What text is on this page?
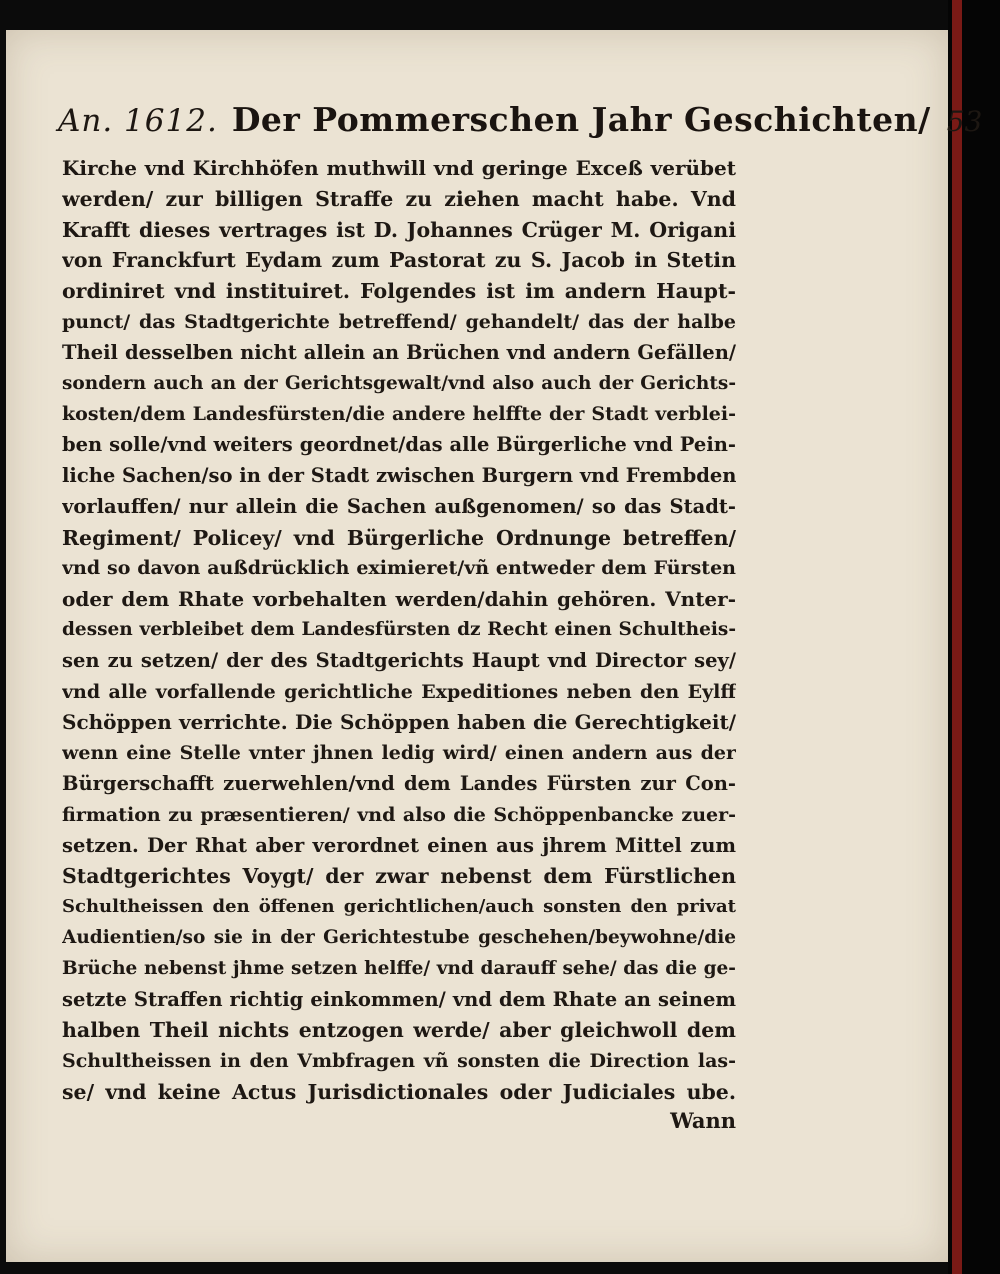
An. 1612. Der Pommerschen Jahr Geschichten/ 53
Kirche vnd Kirchhöfen muthwill vnd geringe Exceß verübet
werden/ zur billigen Straffe zu ziehen macht habe. Vnd
Krafft dieses vertrages ist D. Johannes Crüger M. Origani
von Franckfurt Eydam zum Pastorat zu S. Jacob in Stetin
ordiniret vnd instituiret. Folgendes ist im andern Haupt-
punct/ das Stadtgerichte betreffend/ gehandelt/ das der halbe
Theil desselben nicht allein an Brüchen vnd andern Gefällen/
sondern auch an der Gerichtsgewalt/vnd also auch der Gerichts-
kosten/dem Landesfürsten/die andere helffte der Stadt verblei-
ben solle/vnd weiters geordnet/das alle Bürgerliche vnd Pein-
liche Sachen/so in der Stadt zwischen Burgern vnd Frembden
vorlauffen/ nur allein die Sachen außgenomen/ so das Stadt-
Regiment/ Policey/ vnd Bürgerliche Ordnunge betreffen/
vnd so davon außdrücklich eximieret/vñ entweder dem Fürsten
oder dem Rhate vorbehalten werden/dahin gehören. Vnter-
dessen verbleibet dem Landesfürsten dz Recht einen Schultheis-
sen zu setzen/ der des Stadtgerichts Haupt vnd Director sey/
vnd alle vorfallende gerichtliche Expeditiones neben den Eylff
Schöppen verrichte. Die Schöppen haben die Gerechtigkeit/
wenn eine Stelle vnter jhnen ledig wird/ einen andern aus der
Bürgerschafft zuerwehlen/vnd dem Landes Fürsten zur Con-
firmation zu præsentieren/ vnd also die Schöppenbancke zuer-
setzen. Der Rhat aber verordnet einen aus jhrem Mittel zum
Stadtgerichtes Voygt/ der zwar nebenst dem Fürstlichen
Schultheissen den öffenen gerichtlichen/auch sonsten den privat
Audientien/so sie in der Gerichtestube geschehen/beywohne/die
Brüche nebenst jhme setzen helffe/ vnd darauff sehe/ das die ge-
setzte Straffen richtig einkommen/ vnd dem Rhate an seinem
halben Theil nichts entzogen werde/ aber gleichwoll dem
Schultheissen in den Vmbfragen vñ sonsten die Direction las-
se/ vnd keine Actus Jurisdictionales oder Judiciales ube.
Wann
